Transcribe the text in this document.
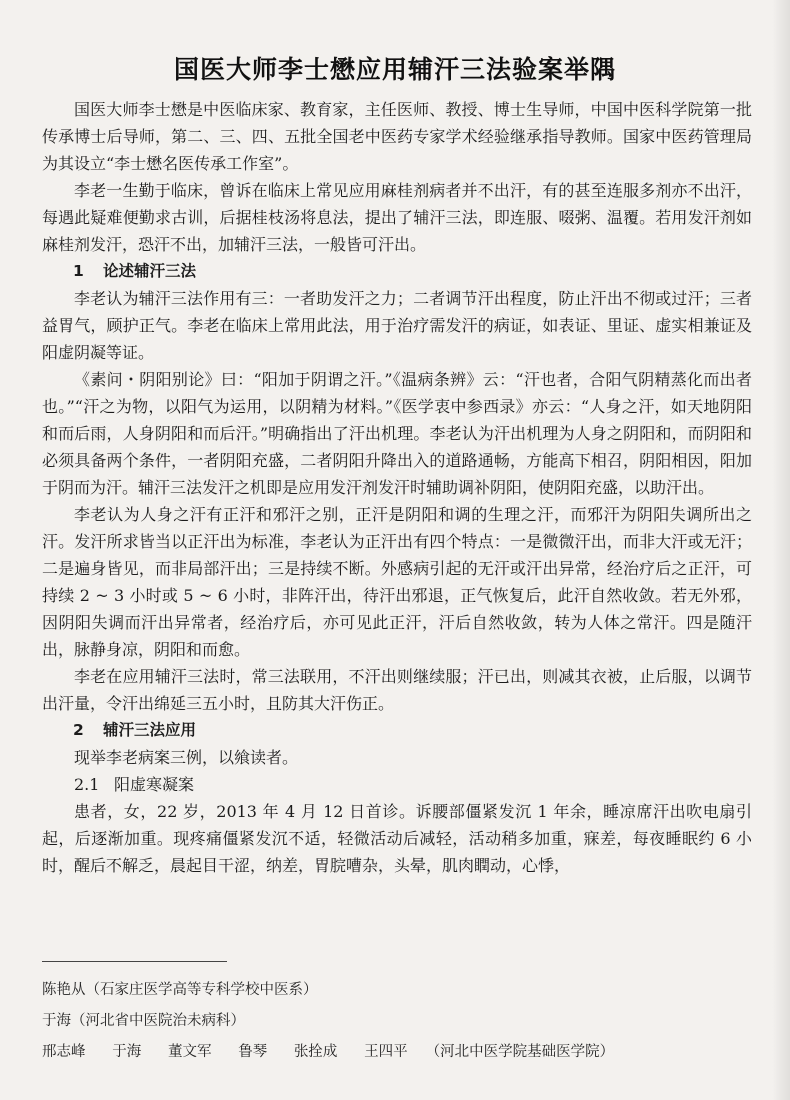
国医大师李士懋应用辅汗三法验案举隅

国医大师李士懋是中医临床家、教育家，主任医师、教授、博士生导师，中国中医科学院第一批传承博士后导师，第二、三、四、五批全国老中医药专家学术经验继承指导教师。国家中医药管理局为其设立“李士懋名医传承工作室”。

李老一生勤于临床，曾诉在临床上常见应用麻桂剂病者并不出汗，有的甚至连服多剂亦不出汗，每遇此疑难便勤求古训，后据桂枝汤将息法，提出了辅汗三法，即连服、啜粥、温覆。若用发汗剂如麻桂剂发汗，恐汗不出，加辅汗三法，一般皆可汗出。

1 论述辅汗三法

李老认为辅汗三法作用有三：一者助发汗之力；二者调节汗出程度，防止汗出不彻或过汗；三者益胃气，顾护正气。李老在临床上常用此法，用于治疗需发汗的病证，如表证、里证、虚实相兼证及阳虚阴凝等证。

《素问・阴阳别论》曰：“阳加于阴谓之汗。”《温病条辨》云：“汗也者，合阳气阴精蒸化而出者也。”“汗之为物，以阳气为运用，以阴精为材料。”《医学衷中参西录》亦云：“人身之汗，如天地阴阳和而后雨，人身阴阳和而后汗。”明确指出了汗出机理。李老认为汗出机理为人身之阴阳和，而阴阳和必须具备两个条件，一者阴阳充盛，二者阴阳升降出入的道路通畅，方能高下相召，阴阳相因，阳加于阴而为汗。辅汗三法发汗之机即是应用发汗剂发汗时辅助调补阴阳，使阴阳充盛，以助汗出。

李老认为人身之汗有正汗和邪汗之别，正汗是阴阳和调的生理之汗，而邪汗为阴阳失调所出之汗。发汗所求皆当以正汗出为标准，李老认为正汗出有四个特点：一是微微汗出，而非大汗或无汗；二是遍身皆见，而非局部汗出；三是持续不断。外感病引起的无汗或汗出异常，经治疗后之正汗，可持续 2 ~ 3 小时或 5 ~ 6 小时，非阵汗出，待汗出邪退，正气恢复后，此汗自然收敛。若无外邪，因阴阳失调而汗出异常者，经治疗后，亦可见此正汗，汗后自然收敛，转为人体之常汗。四是随汗出，脉静身凉，阴阳和而愈。

李老在应用辅汗三法时，常三法联用，不汗出则继续服；汗已出，则减其衣被，止后服，以调节出汗量，令汗出绵延三五小时，且防其大汗伤正。

2 辅汗三法应用

现举李老病案三例，以飨读者。

2.1 阳虚寒凝案

患者，女，22 岁，2013 年 4 月 12 日首诊。诉腰部僵紧发沉 1 年余，睡凉席汗出吹电扇引起，后逐渐加重。现疼痛僵紧发沉不适，轻微活动后减轻，活动稍多加重，寐差，每夜睡眠约 6 小时，醒后不解乏，晨起目干涩，纳差，胃脘嘈杂，头晕，肌肉瞤动，心悸，

陈艳从（石家庄医学高等专科学校中医系）
于海（河北省中医院治未病科）
邢志峰 于海 董文军 鲁琴 张拴成 王四平 （河北中医学院基础医学院）
